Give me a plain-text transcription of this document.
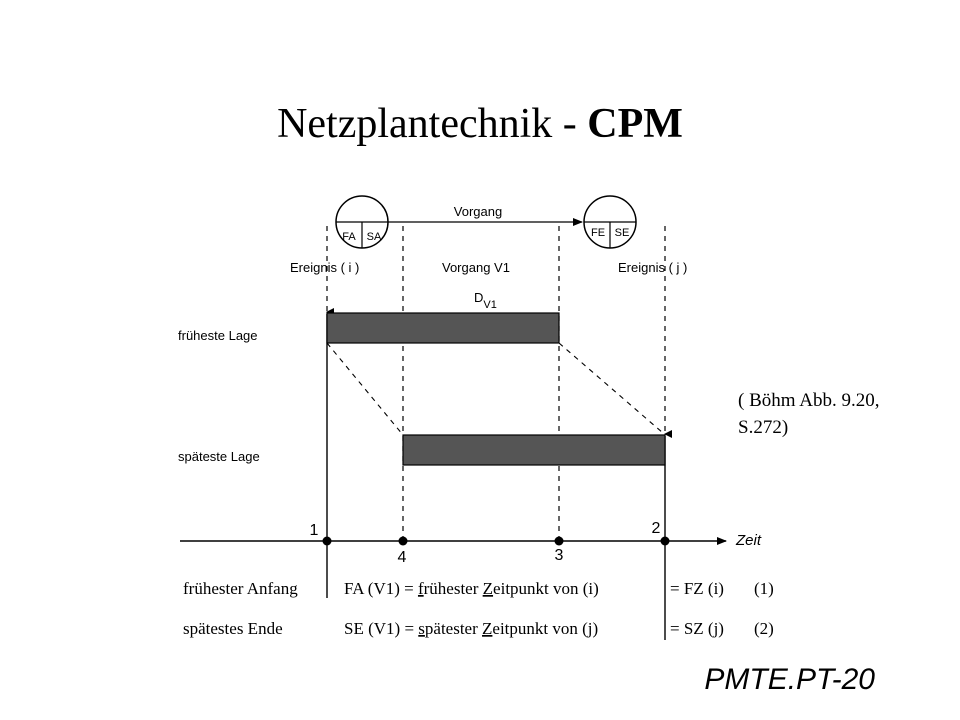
Netzplantechnik - CPM
FA SA	FE SE
Vorgang
Ereignis ( i )	Vorgang V1	Ereignis ( j )
$D_{V1}$
früheste Lage
späteste Lage
Zeit
1
4	3
2
frühester Anfang	FA (V1) = frühester Zeitpunkt von (i)	= FZ (i) (1)
spätestes Ende	SE (V1) = spätester Zeitpunkt von (j)	= SZ (j) (2)
( Böhm Abb. 9.20,
S.272)
PMTE.PT-20
